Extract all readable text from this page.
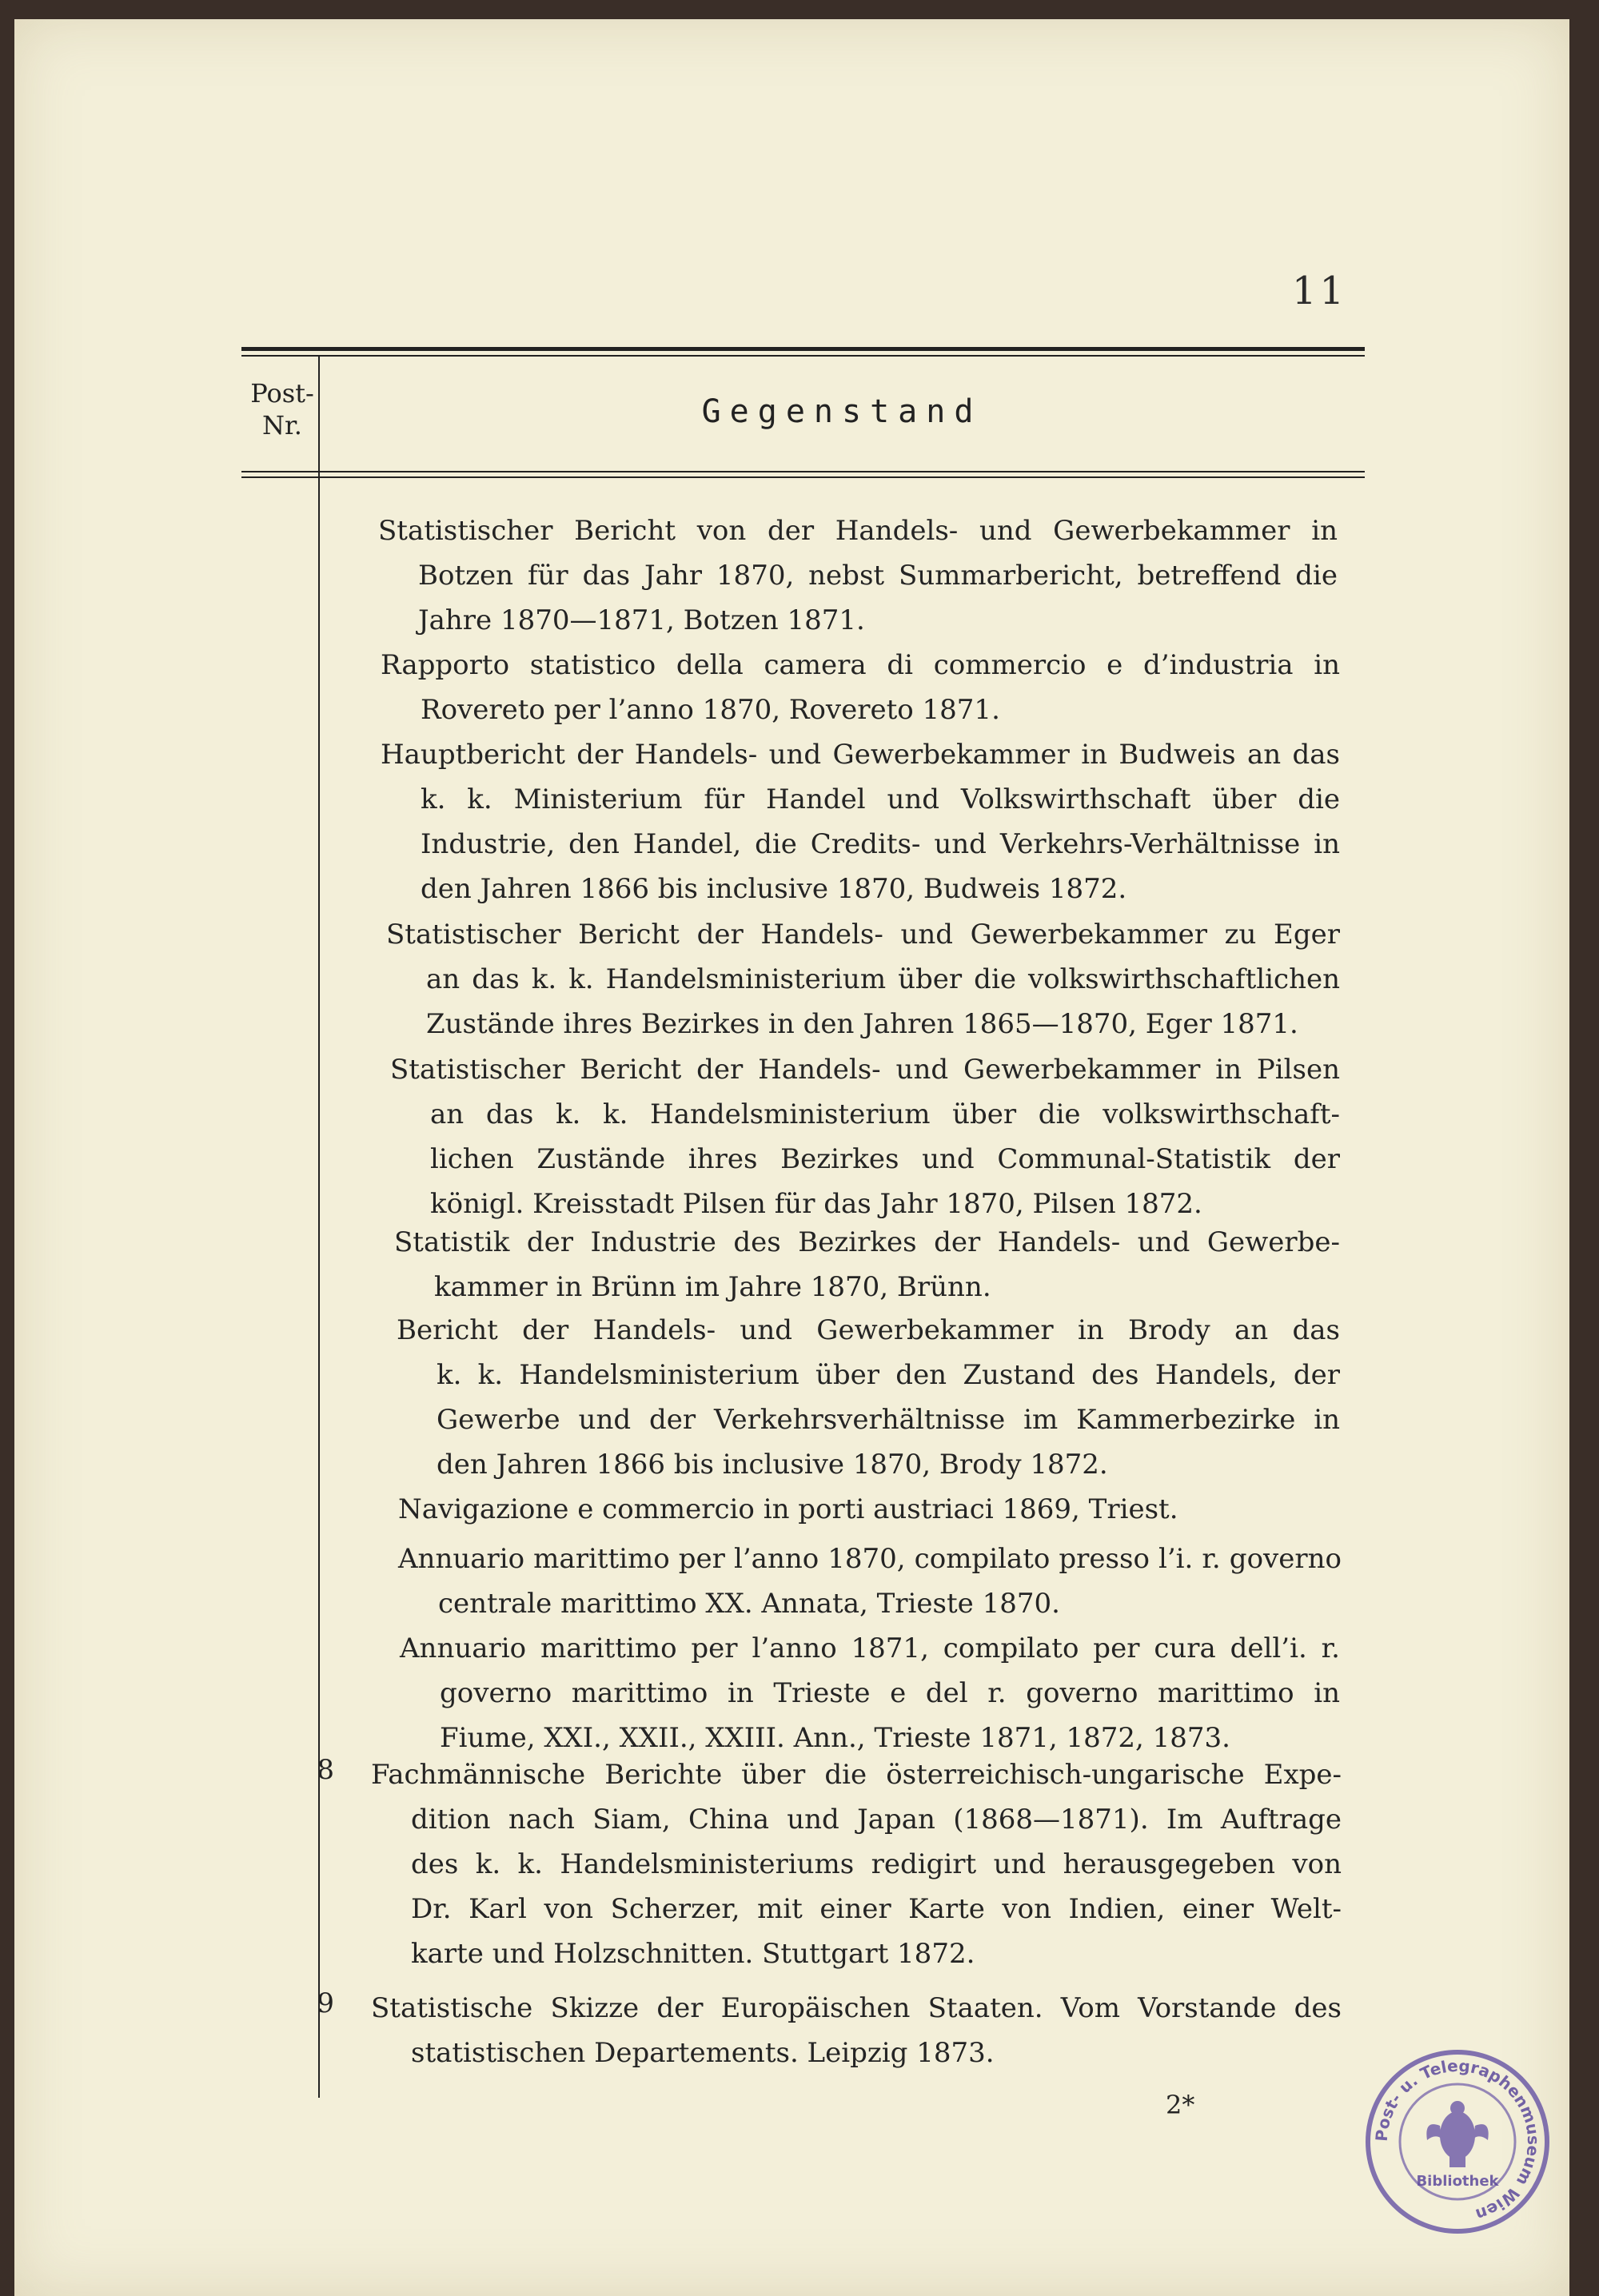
11
Post-
Nr.	Gegenstand
Statistischer Bericht von der Handels- und Gewerbekammer in
Botzen für das Jahr 1870, nebst Summarbericht, betreffend die
Jahre 1870—1871, Botzen 1871.
Rapporto statistico della camera di commercio e d’industria in
Rovereto per l’anno 1870, Rovereto 1871.
Hauptbericht der Handels- und Gewerbekammer in Budweis an das
k. k. Ministerium für Handel und Volkswirthschaft über die
Industrie, den Handel, die Credits- und Verkehrs-Verhältnisse in
den Jahren 1866 bis inclusive 1870, Budweis 1872.
Statistischer Bericht der Handels- und Gewerbekammer zu Eger
an das k. k. Handelsministerium über die volkswirthschaftlichen
Zustände ihres Bezirkes in den Jahren 1865—1870, Eger 1871.
Statistischer Bericht der Handels- und Gewerbekammer in Pilsen
an das k. k. Handelsministerium über die volkswirthschaft-
lichen Zustände ihres Bezirkes und Communal-Statistik der
königl. Kreisstadt Pilsen für das Jahr 1870, Pilsen 1872.
Statistik der Industrie des Bezirkes der Handels- und Gewerbe-
kammer in Brünn im Jahre 1870, Brünn.
Bericht der Handels- und Gewerbekammer in Brody an das
k. k. Handelsministerium über den Zustand des Handels, der
Gewerbe und der Verkehrsverhältnisse im Kammerbezirke in
den Jahren 1866 bis inclusive 1870, Brody 1872.
Navigazione e commercio in porti austriaci 1869, Triest.
Annuario marittimo per l’anno 1870, compilato presso l’i. r. governo
centrale marittimo XX. Annata, Trieste 1870.
Annuario marittimo per l’anno 1871, compilato per cura dell’i. r.
governo marittimo in Trieste e del r. governo marittimo in
Fiume, XXI., XXII., XXIII. Ann., Trieste 1871, 1872, 1873.
8 Fachmännische Berichte über die österreichisch-ungarische Expe-
dition nach Siam, China und Japan (1868—1871). Im Auftrage
des k. k. Handelsministeriums redigirt und herausgegeben von
Dr. Karl von Scherzer, mit einer Karte von Indien, einer Welt-
karte und Holzschnitten. Stuttgart 1872.
9 Statistische Skizze der Europäischen Staaten. Vom Vorstande des
statistischen Departements. Leipzig 1873.
2*
Post- u. Telegraphenmuseum Wien
Bibliothek
